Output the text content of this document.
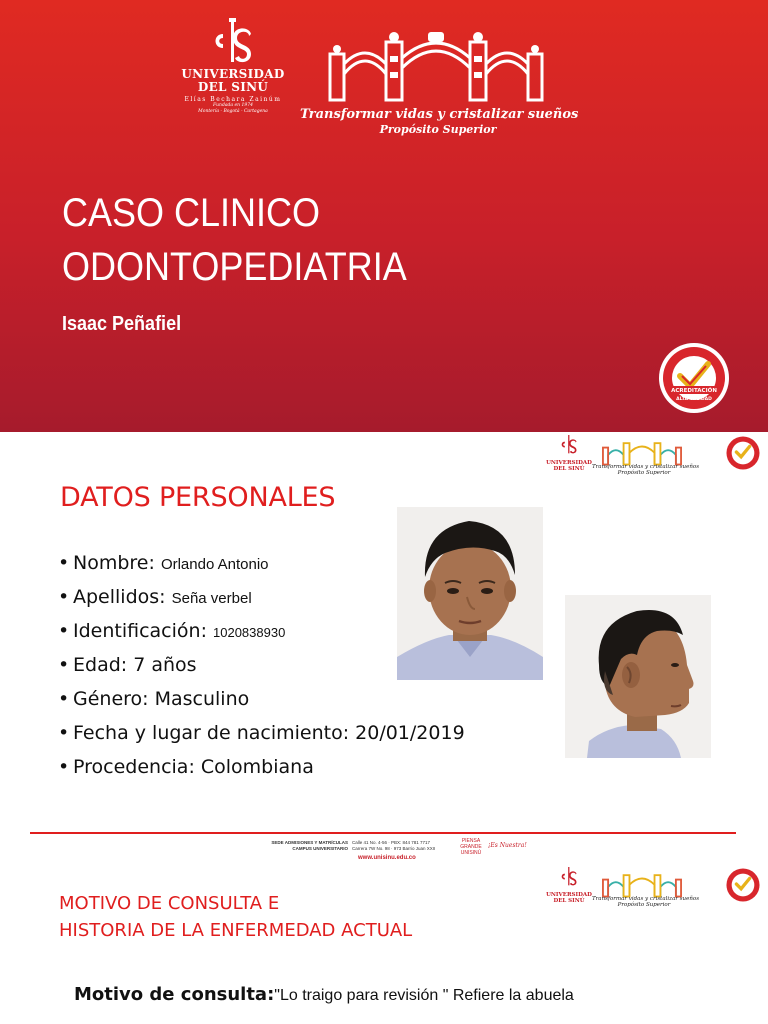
UNIVERSIDAD
DEL SINÚ
Elías Bechara Zainúm
Fundada en 1974
Montería - Bogotá - Cartagena	Transformar vidas y cristalizar sueños
Propósito Superior
CASO CLINICO
ODONTOPEDIATRIA
Isaac Peñafiel
ACREDITACIÓN
ALTA CALIDAD
UNIVERSIDAD
DEL SINÚ	Transformar vidas y cristalizar sueños
Propósito Superior
DATOS PERSONALES
• Nombre: Orlando Antonio
• Apellidos: Seña verbel
• Identificación: 1020838930
• Edad: 7 años
• Género: Masculino
• Fecha y lugar de nacimiento: 20/01/2019
• Procedencia: Colombiana
SEDE ADMISIONES Y MATRÍCULAS
CAMPUS UNIVERSITARIO
Calle 41 No. 4-56 · PBX: 844 781 7717
Carrera 7W No. 98 · 973 Barrio Juan XXII
www.unisinu.edu.co
PIENSA
GRANDE
UNISINÚ
¡Es Nuestra!
UNIVERSIDAD
DEL SINÚ	Transformar vidas y cristalizar sueños
Propósito Superior
MOTIVO DE CONSULTA E
HISTORIA DE LA ENFERMEDAD ACTUAL
Motivo de consulta:"Lo traigo para revisión " Refiere la abuela
